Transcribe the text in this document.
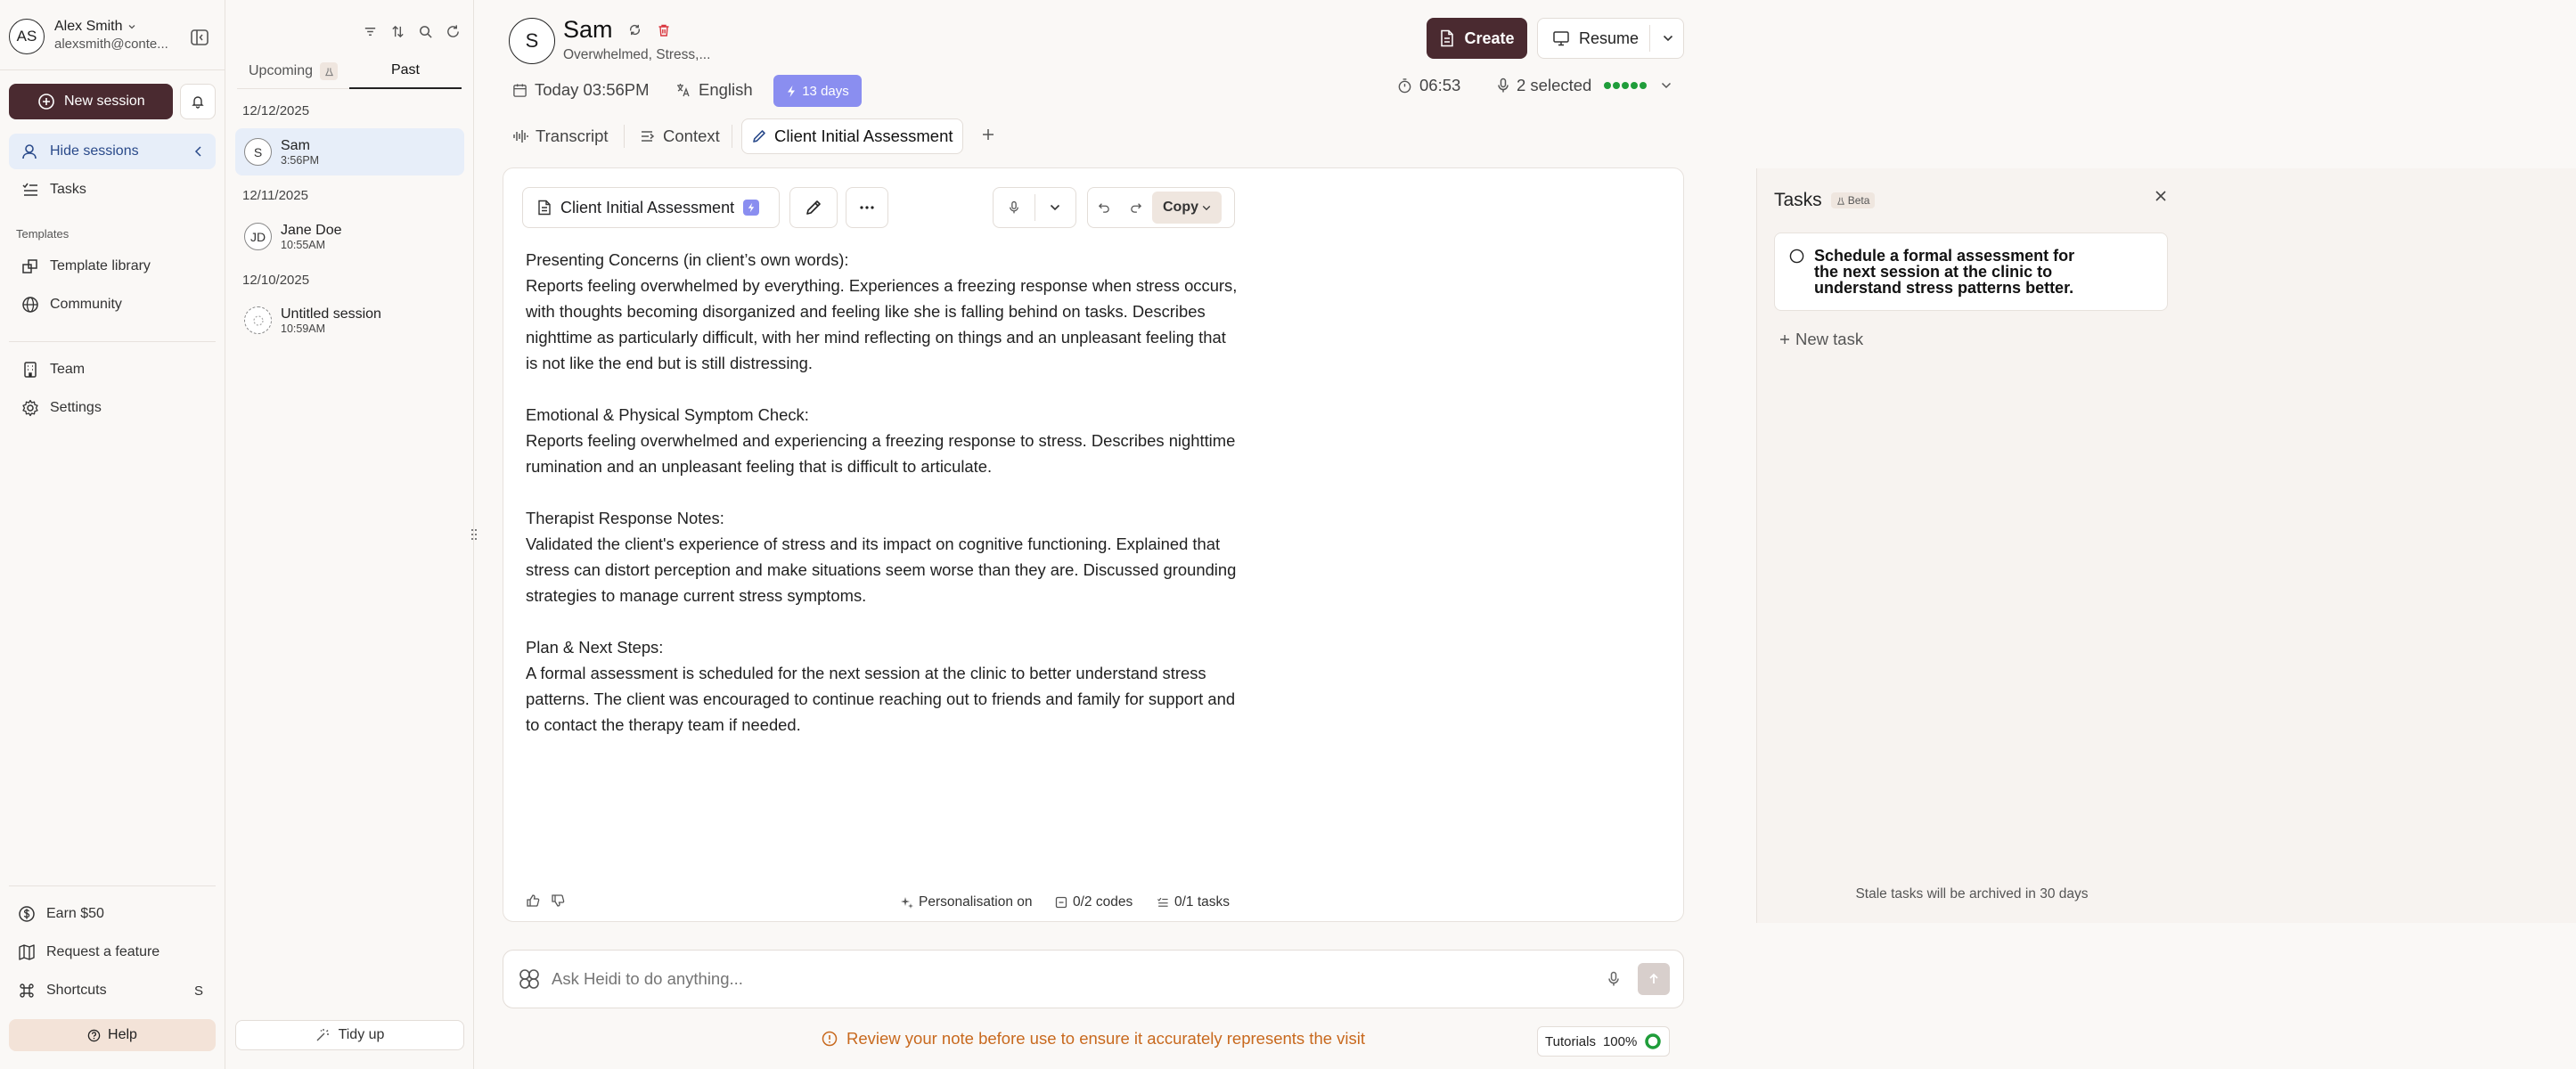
AS
Alex Smith
alexsmith@conte...
New session
Hide sessions
Tasks
Templates
Template library
Community
Team
Settings
Earn $50
Request a feature
Shortcuts	S
Help
Upcoming	Past
12/12/2025
S	Sam
3:56PM
12/11/2025
JD	Jane Doe
10:55AM
12/10/2025
Untitled session
10:59AM
Tidy up
S	Sam
Overwhelmed, Stress,...
Create	Resume
Today 03:56PM	English	13 days	06:53	2 selected
Transcript	Context	Client Initial Assessment
Client Initial Assessment	Copy

Presenting Concerns (in client’s own words):

Reports feeling overwhelmed by everything. Experiences a freezing response when stress occurs, with thoughts becoming disorganized and feeling like she is falling behind on tasks. Describes nighttime as particularly difficult, with her mind reflecting on things and an unpleasant feeling that is not like the end but is still distressing.

Emotional & Physical Symptom Check:

Reports feeling overwhelmed and experiencing a freezing response to stress. Describes nighttime rumination and an unpleasant feeling that is difficult to articulate.

Therapist Response Notes:

Validated the client's experience of stress and its impact on cognitive functioning. Explained that stress can distort perception and make situations seem worse than they are. Discussed grounding strategies to manage current stress symptoms.

Plan & Next Steps:

A formal assessment is scheduled for the next session at the clinic to better understand stress patterns. The client was encouraged to continue reaching out to friends and family for support and to contact the therapy team if needed.

Personalisation on	0/2 codes	0/1 tasks
Tasks Beta
Schedule a formal assessment for the next session at the clinic to understand stress patterns better.
New task
Stale tasks will be archived in 30 days
Ask Heidi to do anything...
Review your note before use to ensure it accurately represents the visit	Tutorials 100%
